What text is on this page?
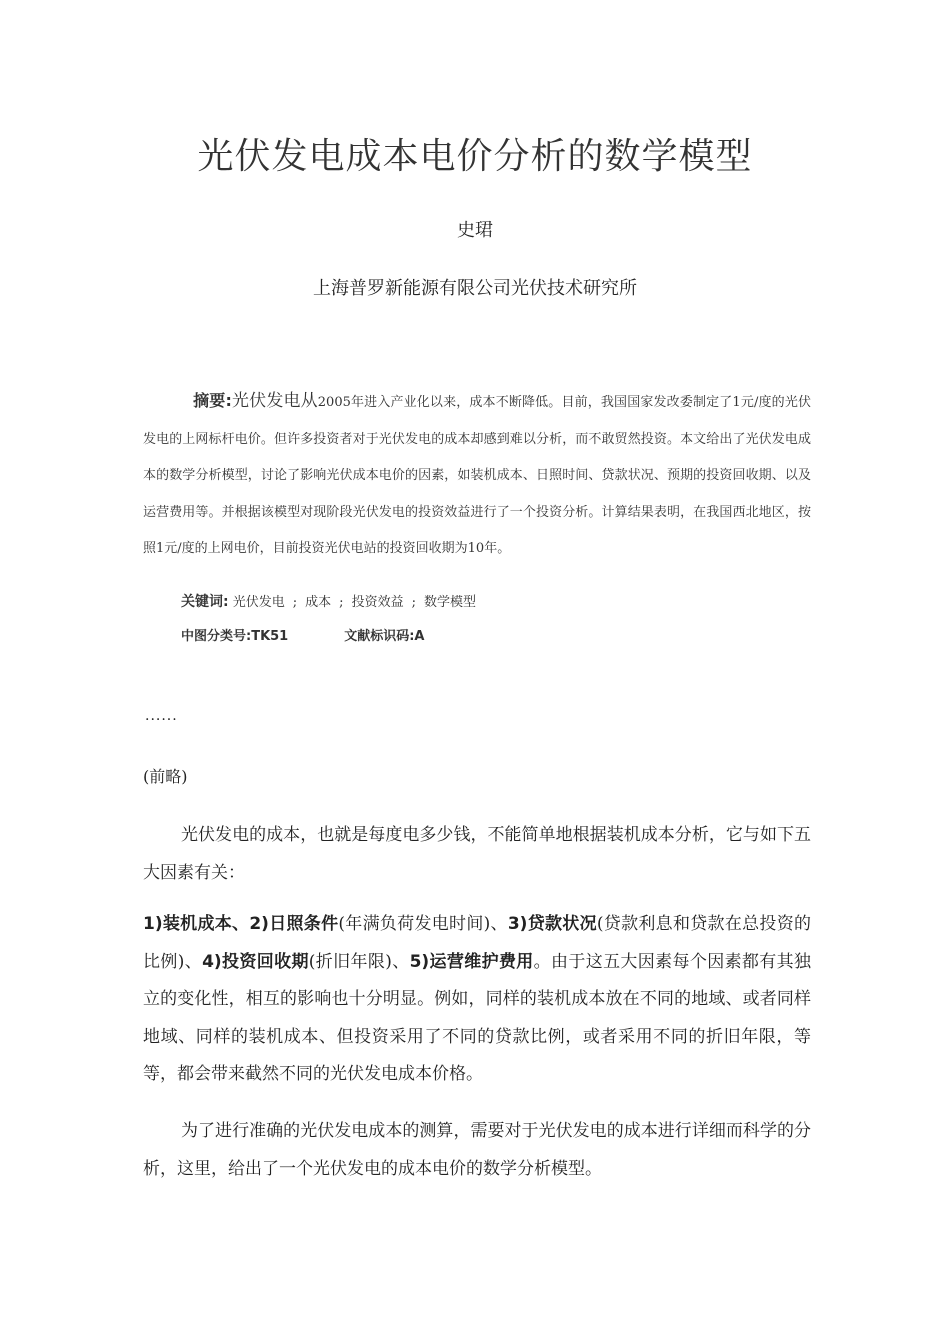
光伏发电成本电价分析的数学模型
史珺
上海普罗新能源有限公司光伏技术研究所
摘要:光伏发电从2005年进入产业化以来，成本不断降低。目前，我国国家发改委制定了1元/度的光伏发电的上网标杆电价。但许多投资者对于光伏发电的成本却感到难以分析，而不敢贸然投资。本文给出了光伏发电成本的数学分析模型，讨论了影响光伏成本电价的因素，如装机成本、日照时间、贷款状况、预期的投资回收期、以及运营费用等。并根据该模型对现阶段光伏发电的投资效益进行了一个投资分析。计算结果表明，在我国西北地区，按照1元/度的上网电价，目前投资光伏电站的投资回收期为10年。
关键词: 光伏发电 ; 成本 ; 投资效益 ; 数学模型
中图分类号:TK51	文献标识码:A
......
(前略)
光伏发电的成本，也就是每度电多少钱，不能简单地根据装机成本分析，它与如下五大因素有关：
1)装机成本、2)日照条件(年满负荷发电时间)、3)贷款状况(贷款利息和贷款在总投资的比例)、4)投资回收期(折旧年限)、5)运营维护费用。由于这五大因素每个因素都有其独立的变化性，相互的影响也十分明显。例如，同样的装机成本放在不同的地域、或者同样地域、同样的装机成本、但投资采用了不同的贷款比例，或者采用不同的折旧年限，等等，都会带来截然不同的光伏发电成本价格。
为了进行准确的光伏发电成本的测算，需要对于光伏发电的成本进行详细而科学的分析，这里，给出了一个光伏发电的成本电价的数学分析模型。
